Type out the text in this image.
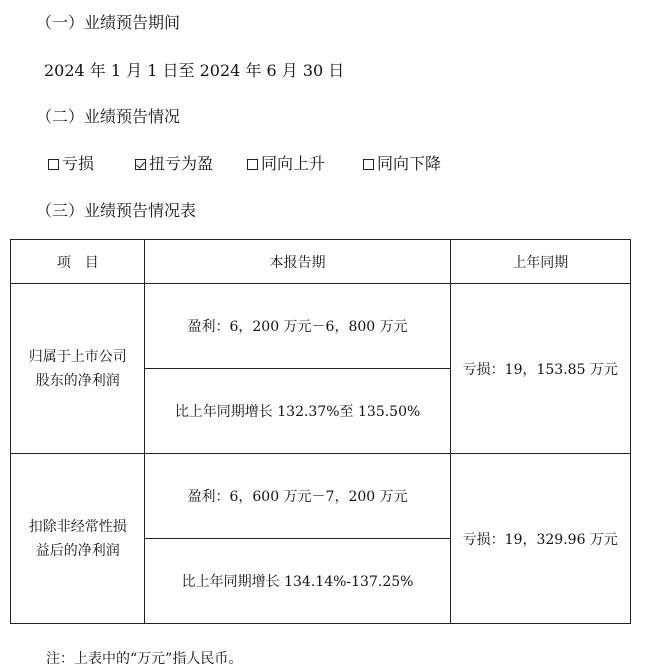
（一）业绩预告期间
2024 年 1 月 1 日至 2024 年 6 月 30 日
（二）业绩预告情况
亏损	扭亏为盈	同向上升	同向下降
（三）业绩预告情况表
项　目	本报告期	上年同期
归属于上市公司
股东的净利润	盈利：6，200 万元－6，800 万元	亏损：19，153.85 万元
	比上年同期增长 132.37%至 135.50%	
扣除非经常性损
益后的净利润	盈利：6，600 万元－7，200 万元	亏损：19，329.96 万元
	比上年同期增长 134.14%-137.25%	
注：上表中的“万元”指人民币。
